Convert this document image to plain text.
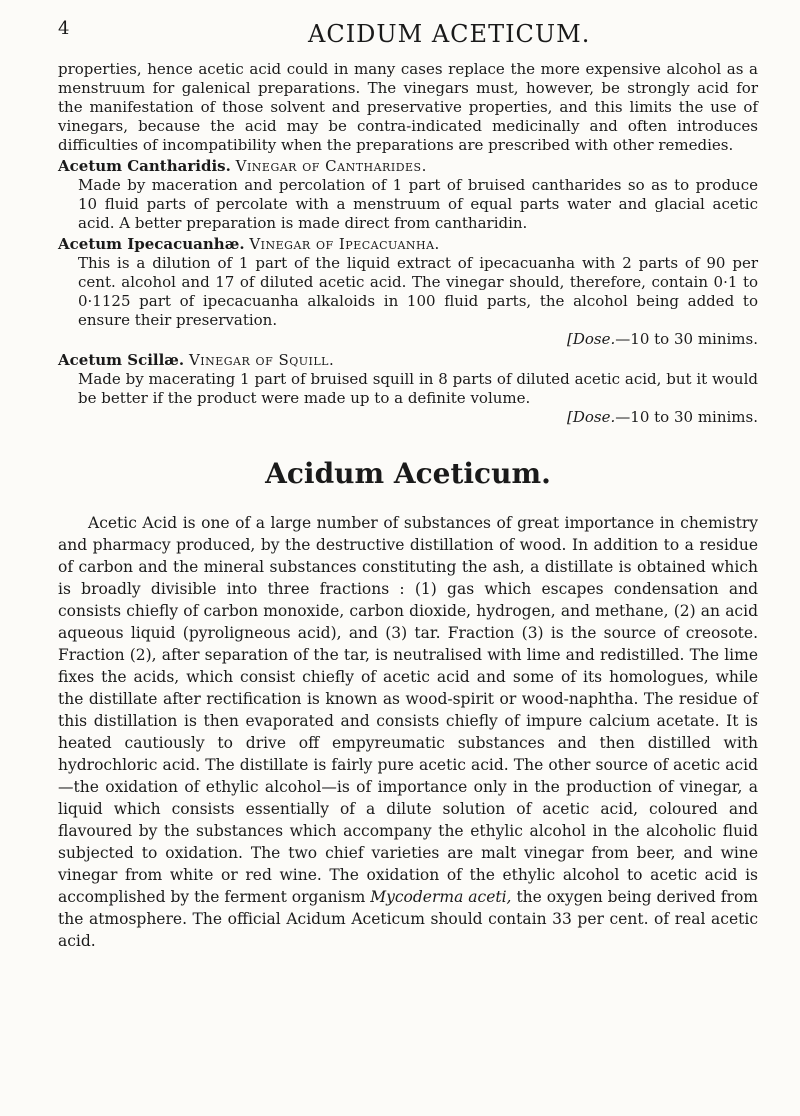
4	ACIDUM ACETICUM.

properties, hence acetic acid could in many cases replace the more expensive alcohol as a menstruum for galenical preparations. The vinegars must, however, be strongly acid for the manifestation of those solvent and preservative properties, and this limits the use of vinegars, because the acid may be contra-indicated medicinally and often introduces difficulties of incompatibility when the preparations are prescribed with other remedies.

Acetum Cantharidis. Vinegar of Cantharides.

Made by maceration and percolation of 1 part of bruised cantharides so as to produce 10 fluid parts of percolate with a menstruum of equal parts water and glacial acetic acid. A better preparation is made direct from cantharidin.

Acetum Ipecacuanhæ. Vinegar of Ipecacuanha.

This is a dilution of 1 part of the liquid extract of ipecacuanha with 2 parts of 90 per cent. alcohol and 17 of diluted acetic acid. The vinegar should, therefore, contain 0·1 to 0·1125 part of ipecacuanha alkaloids in 100 fluid parts, the alcohol being added to ensure their preservation.

[Dose.—10 to 30 minims.

Acetum Scillæ. Vinegar of Squill.

Made by macerating 1 part of bruised squill in 8 parts of diluted acetic acid, but it would be better if the product were made up to a definite volume.

[Dose.—10 to 30 minims.

Acidum Aceticum.

Acetic Acid is one of a large number of substances of great importance in chemistry and pharmacy produced, by the destructive distillation of wood. In addition to a residue of carbon and the mineral substances constituting the ash, a distillate is obtained which is broadly divisible into three fractions : (1) gas which escapes condensation and consists chiefly of carbon monoxide, carbon dioxide, hydrogen, and methane, (2) an acid aqueous liquid (pyroligneous acid), and (3) tar. Fraction (3) is the source of creosote. Fraction (2), after separation of the tar, is neutralised with lime and redistilled. The lime fixes the acids, which consist chiefly of acetic acid and some of its homologues, while the distillate after rectification is known as wood-spirit or wood-naphtha. The residue of this distillation is then evaporated and consists chiefly of impure calcium acetate. It is heated cautiously to drive off empyreumatic substances and then distilled with hydrochloric acid. The distillate is fairly pure acetic acid. The other source of acetic acid—the oxidation of ethylic alcohol—is of importance only in the production of vinegar, a liquid which consists essentially of a dilute solution of acetic acid, coloured and flavoured by the substances which accompany the ethylic alcohol in the alcoholic fluid subjected to oxidation. The two chief varieties are malt vinegar from beer, and wine vinegar from white or red wine. The oxidation of the ethylic alcohol to acetic acid is accomplished by the ferment organism Mycoderma aceti, the oxygen being derived from the atmosphere. The official Acidum Aceticum should contain 33 per cent. of real acetic acid.
